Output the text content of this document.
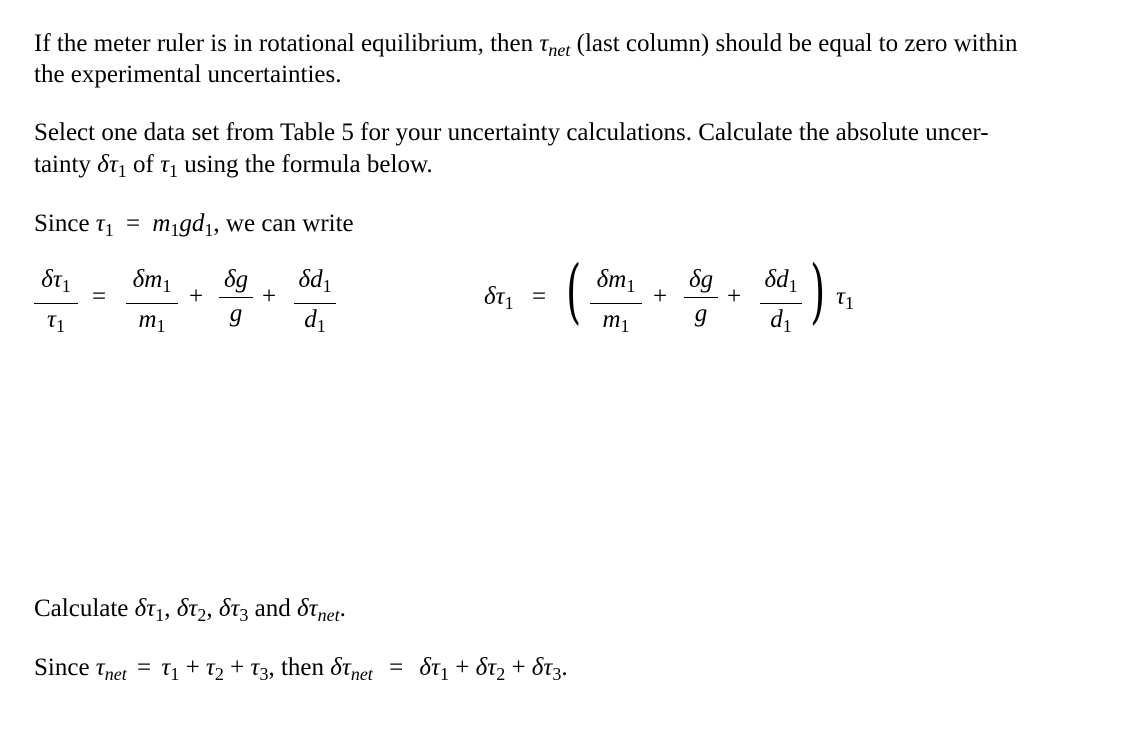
If the meter ruler is in rotational equilibrium, then $\tau_{net}$ (last column) should be equal to zero within
the experimental uncertainties.
Select one data set from Table 5 for your uncertainty calculations. Calculate the absolute uncer-
tainty $\delta\tau_1$ of $\tau_1$ using the formula below.
Since $\tau_1 = m_1gd_1$, we can write
$\delta\tau_1$
$\tau_1$
=
$\delta m_1$
$m_1$
+
δg
g
+
$\delta d_1$
$d_1$
$\delta\tau_1$ = ( $\delta m_1$
$m_1$
+
δg
g
+
$\delta d_1$
$d_1$ ) $\tau_1$
Calculate $\delta\tau_1$, $\delta\tau_2$, $\delta\tau_3$ and $\delta\tau_{net}$.
Since $\tau_{net} = \tau_1 + \tau_2 + \tau_3$, then $\delta\tau_{net} = \delta\tau_1 + \delta\tau_2 + \delta\tau_3$.
